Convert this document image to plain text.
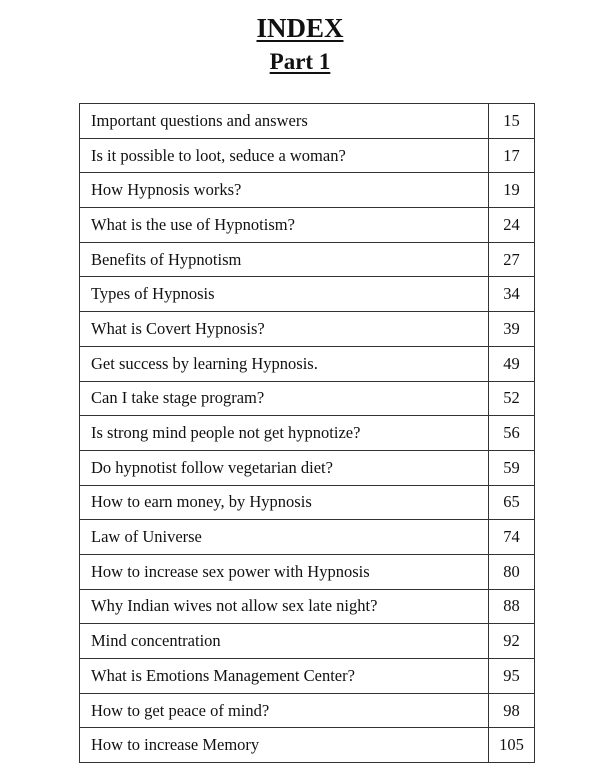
INDEX
Part 1
Important questions and answers	15
Is it possible to loot, seduce a woman?	17
How Hypnosis works?	19
What is the use of Hypnotism?	24
Benefits of Hypnotism	27
Types of Hypnosis	34
What is Covert Hypnosis?	39
Get success by learning Hypnosis.	49
Can I take stage program?	52
Is strong mind people not get hypnotize?	56
Do hypnotist follow vegetarian diet?	59
How to earn money, by Hypnosis	65
Law of Universe	74
How to increase sex power with Hypnosis	80
Why Indian wives not allow sex late night?	88
Mind concentration	92
What is Emotions Management Center?	95
How to get peace of mind?	98
How to increase Memory	105
